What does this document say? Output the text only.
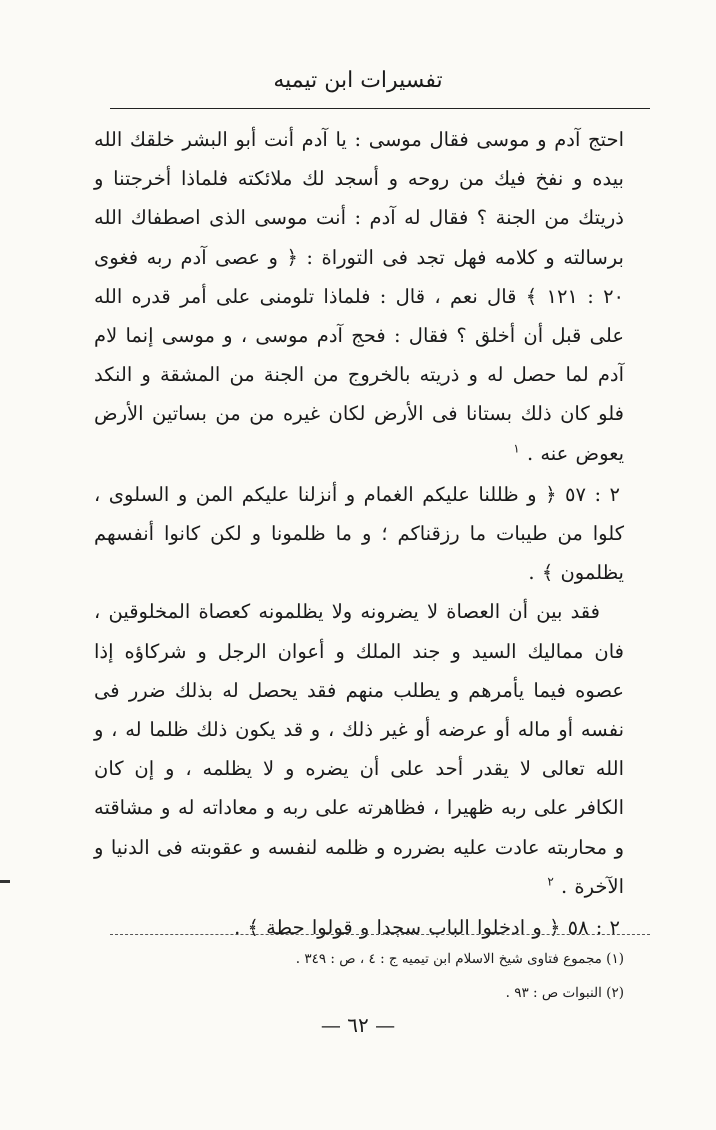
تفسيرات ابن تيميه

احتج آدم و موسى فقال موسى : يا آدم أنت أبو البشر خلقك الله بيده و نفخ فيك من روحه و أسجد لك ملائكته فلماذا أخرجتنا و ذريتك من الجنة ؟ فقال له آدم : أنت موسى الذى اصطفاك الله برسالته و كلامه فهل تجد فى التوراة : ﴿ و عصى آدم ربه فغوى ٢٠ : ١٢١ ﴾ قال نعم ، قال : فلماذا تلومنى على أمر قدره الله على قبل أن أخلق ؟ فقال : فحج آدم موسى ، و موسى إنما لام آدم لما حصل له و ذريته بالخروج من الجنة من المشقة و النكد فلو كان ذلك بستانا فى الأرض لكان غيره من من بساتين الأرض يعوض عنه . $^١$

٢ : ٥٧ ﴿ و ظللنا عليكم الغمام و أنزلنا عليكم المن و السلوى ، كلوا من طيبات ما رزقناكم ؛ و ما ظلمونا و لكن كانوا أنفسهم يظلمون ﴾ .

فقد بين أن العصاة لا يضرونه ولا يظلمونه كعصاة المخلوقين ، فان مماليك السيد و جند الملك و أعوان الرجل و شركاؤه إذا عصوه فيما يأمرهم و يطلب منهم فقد يحصل له بذلك ضرر فى نفسه أو ماله أو عرضه أو غير ذلك ، و قد يكون ذلك ظلما له ، و الله تعالى لا يقدر أحد على أن يضره و لا يظلمه ، و إن كان الكافر على ربه ظهيرا ، فظاهرته على ربه و معاداته له و مشاقته و محاربته عادت عليه بضرره و ظلمه لنفسه و عقوبته فى الدنيا و الآخرة . $^٢$

٢ : ٥٨ ﴿ و ادخلوا الباب سجدا و قولوا حطة ﴾ .

(١) مجموع فتاوى شيخ الاسلام ابن تيميه ج : ٤ ، ص : ٣٤٩ .

(٢) النبوات ص : ٩٣ .

— ٦٢ —
